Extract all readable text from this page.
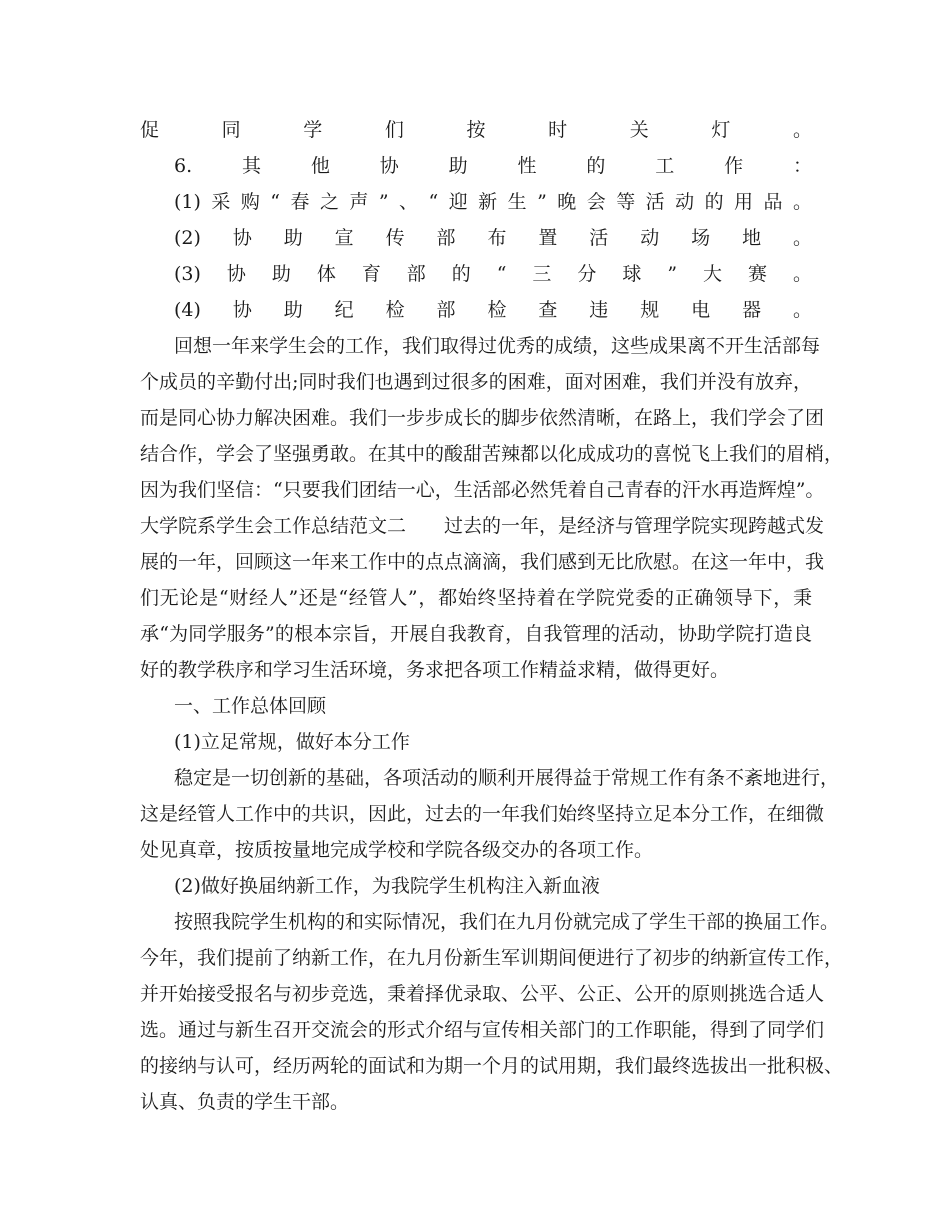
促同学们按时关灯。
6.其他协助性的工作：
(1)采购“春之声”、“迎新生”晚会等活动的用品。
(2)协助宣传部布置活动场地。
(3)协助体育部的“三分球”大赛。
(4)协助纪检部检查违规电器。
回想一年来学生会的工作，我们取得过优秀的成绩，这些成果离不开生活部每
个成员的辛勤付出;同时我们也遇到过很多的困难，面对困难，我们并没有放弃，
而是同心协力解决困难。我们一步步成长的脚步依然清晰，在路上，我们学会了团
结合作，学会了坚强勇敢。在其中的酸甜苦辣都以化成成功的喜悦飞上我们的眉梢，
因为我们坚信：“只要我们团结一心，生活部必然凭着自己青春的汗水再造辉煌”。
大学院系学生会工作总结范文二　　过去的一年，是经济与管理学院实现跨越式发
展的一年，回顾这一年来工作中的点点滴滴，我们感到无比欣慰。在这一年中，我
们无论是“财经人”还是“经管人”，都始终坚持着在学院党委的正确领导下，秉
承“为同学服务”的根本宗旨，开展自我教育，自我管理的活动，协助学院打造良
好的教学秩序和学习生活环境，务求把各项工作精益求精，做得更好。
一、工作总体回顾
(1)立足常规，做好本分工作
稳定是一切创新的基础，各项活动的顺利开展得益于常规工作有条不紊地进行，
这是经管人工作中的共识，因此，过去的一年我们始终坚持立足本分工作，在细微
处见真章，按质按量地完成学校和学院各级交办的各项工作。
(2)做好换届纳新工作，为我院学生机构注入新血液
按照我院学生机构的和实际情况，我们在九月份就完成了学生干部的换届工作。
今年，我们提前了纳新工作，在九月份新生军训期间便进行了初步的纳新宣传工作，
并开始接受报名与初步竞选，秉着择优录取、公平、公正、公开的原则挑选合适人
选。通过与新生召开交流会的形式介绍与宣传相关部门的工作职能，得到了同学们
的接纳与认可，经历两轮的面试和为期一个月的试用期，我们最终选拔出一批积极、
认真、负责的学生干部。
